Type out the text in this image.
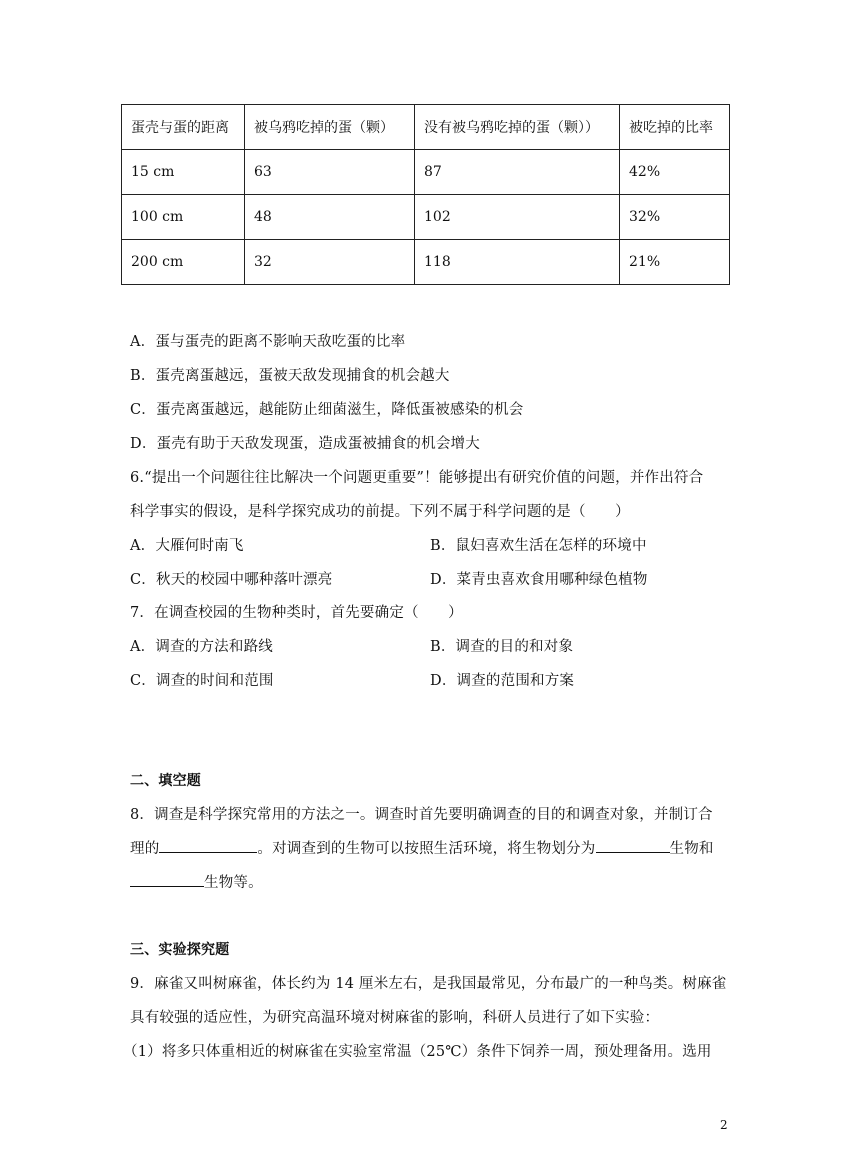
蛋壳与蛋的距离	被乌鸦吃掉的蛋（颗）	没有被乌鸦吃掉的蛋（颗））	被吃掉的比率
15 cm	63	87	42%
100 cm	48	102	32%
200 cm	32	118	21%
A．蛋与蛋壳的距离不影响天敌吃蛋的比率
B．蛋壳离蛋越远，蛋被天敌发现捕食的机会越大
C．蛋壳离蛋越远，越能防止细菌滋生，降低蛋被感染的机会
D．蛋壳有助于天敌发现蛋，造成蛋被捕食的机会增大
6.“提出一个问题往往比解决一个问题更重要”！能够提出有研究价值的问题，并作出符合
科学事实的假设，是科学探究成功的前提。下列不属于科学问题的是（　　）
A．大雁何时南飞	B．鼠妇喜欢生活在怎样的环境中
C．秋天的校园中哪种落叶漂亮	D．菜青虫喜欢食用哪种绿色植物
7．在调查校园的生物种类时，首先要确定（　　）
A．调查的方法和路线	B．调查的目的和对象
C．调查的时间和范围	D．调查的范围和方案
二、填空题
8．调查是科学探究常用的方法之一。调查时首先要明确调查的目的和调查对象，并制订合
理的	。对调查到的生物可以按照生活环境，将生物划分为	生物和
生物等。
三、实验探究题
9．麻雀又叫树麻雀，体长约为 14 厘米左右，是我国最常见，分布最广的一种鸟类。树麻雀
具有较强的适应性，为研究高温环境对树麻雀的影响，科研人员进行了如下实验：
（1）将多只体重相近的树麻雀在实验室常温（25℃）条件下饲养一周，预处理备用。选用
2
